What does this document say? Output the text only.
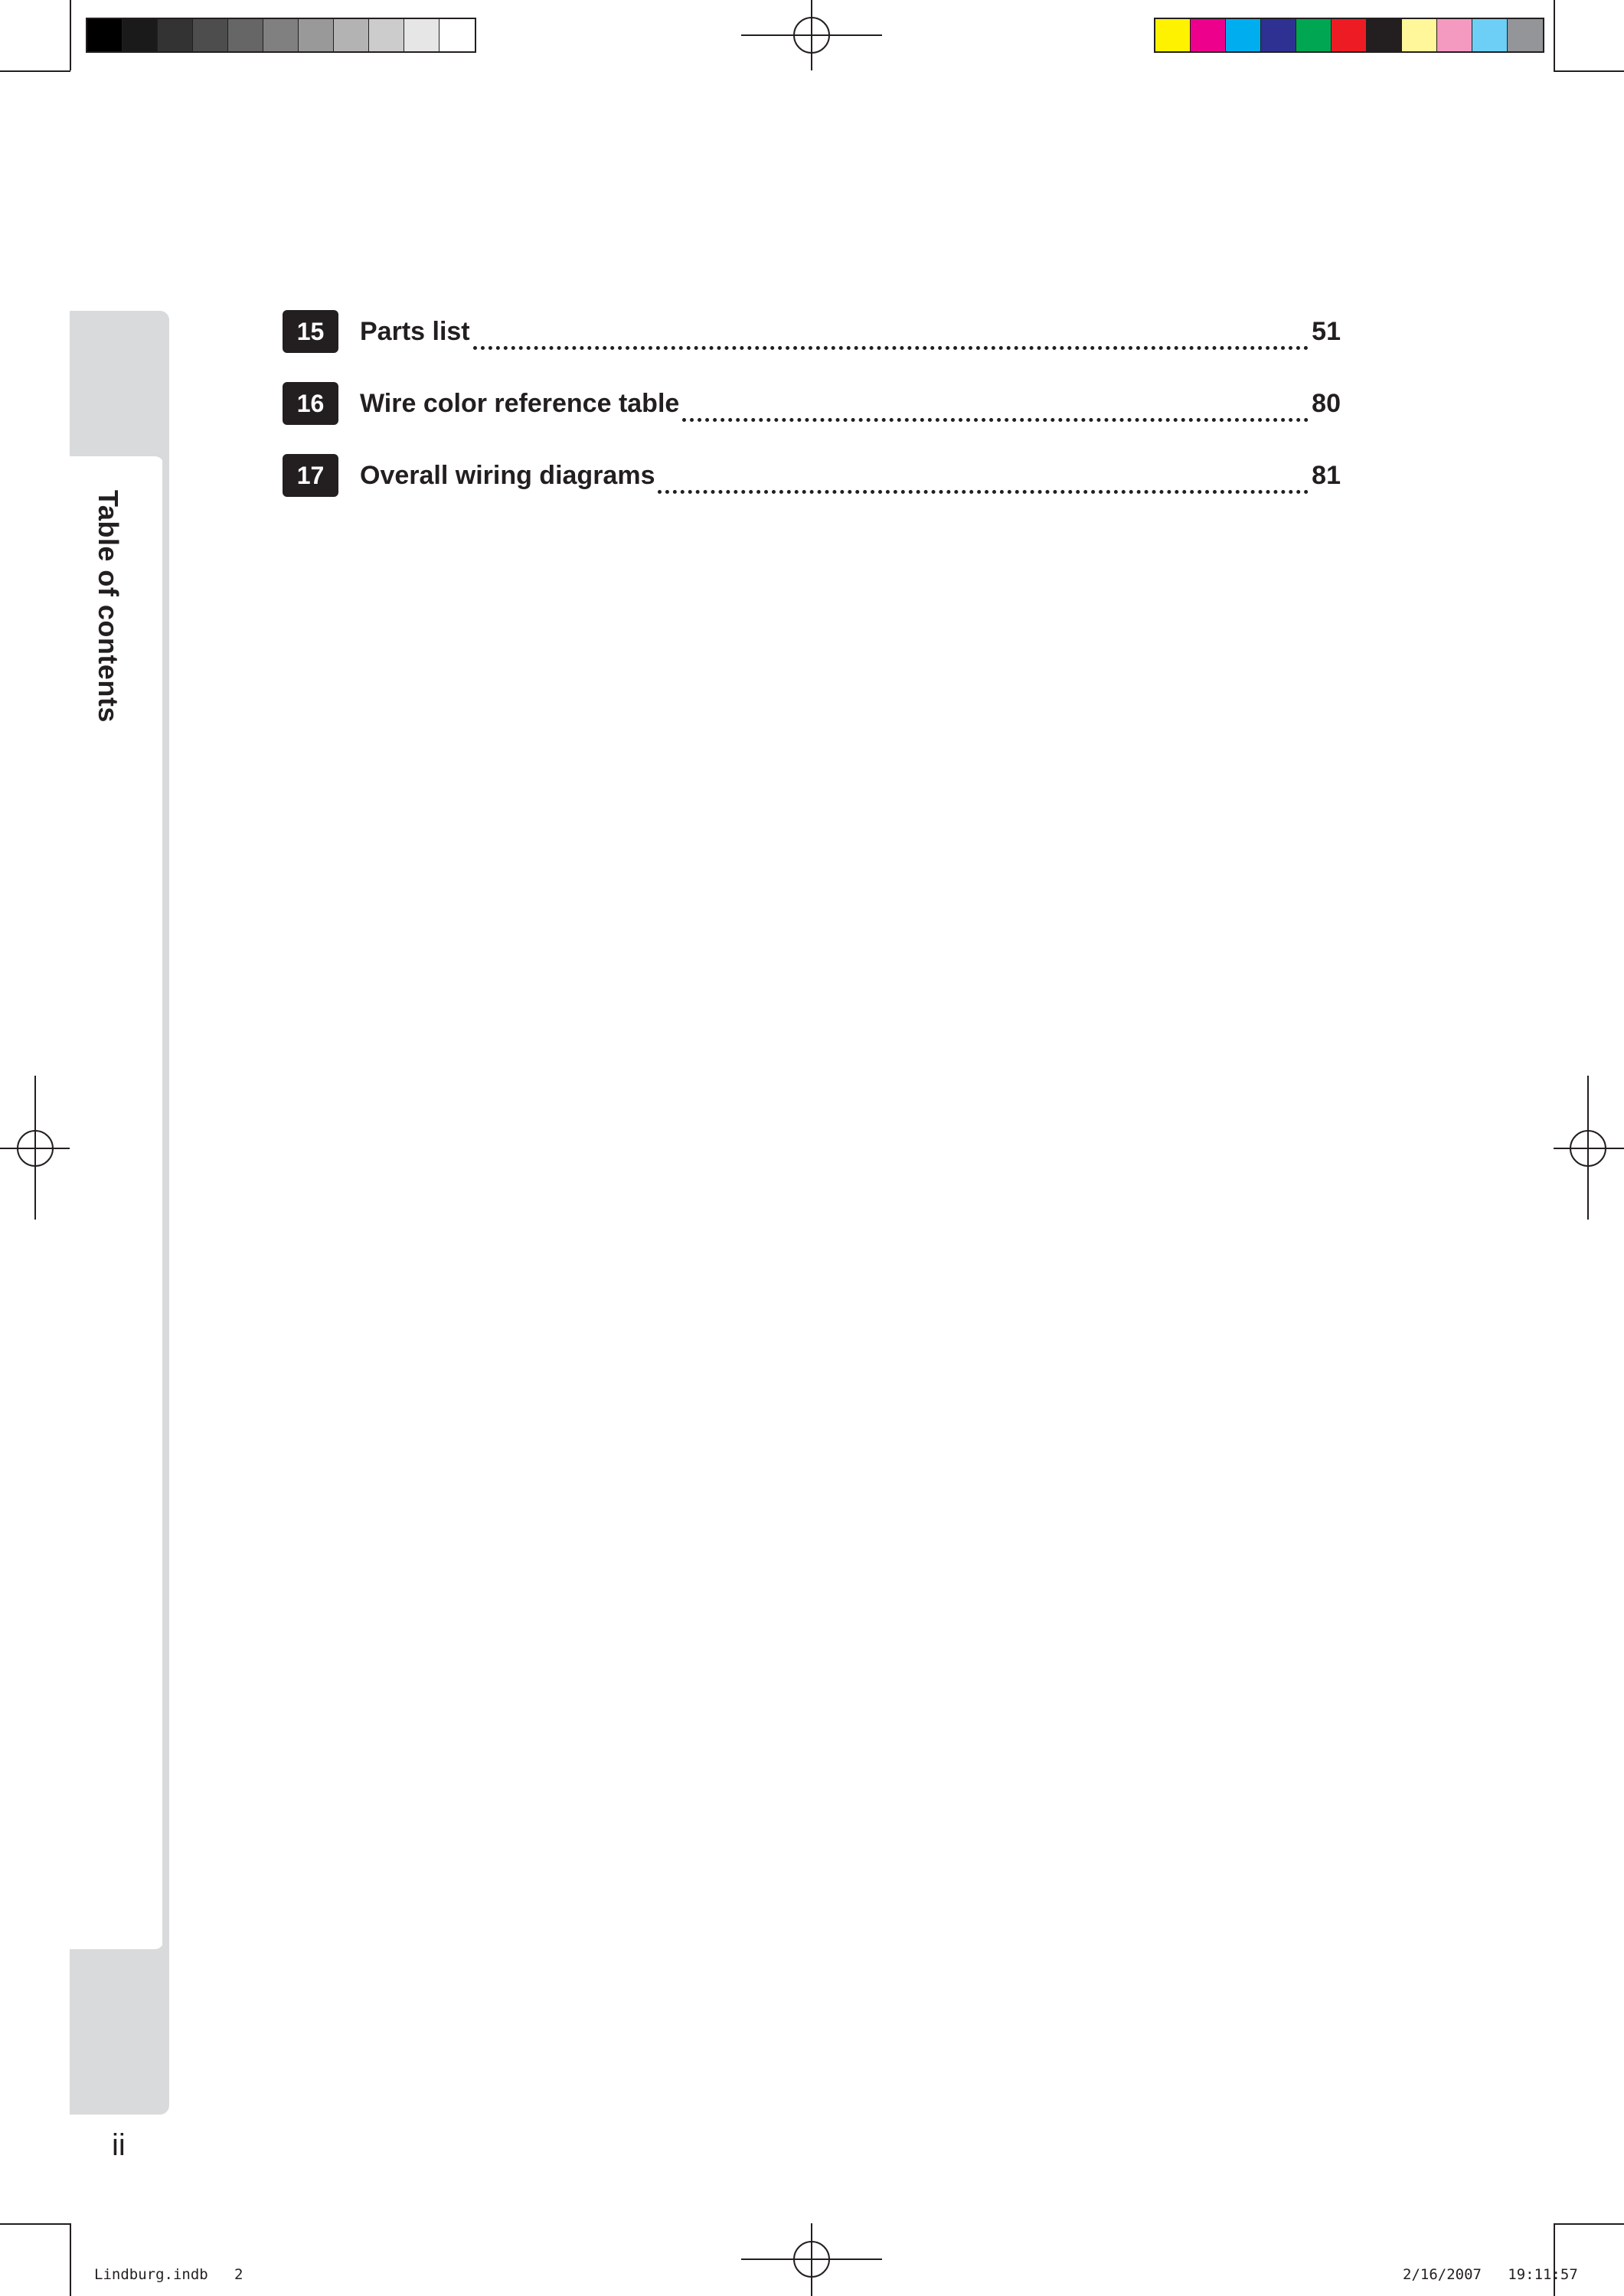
Table of contents
15	Parts list	51
16	Wire color reference table	80
17	Overall wiring diagrams	81
ii
Lindburg.indb   2	2/16/2007   19:11:57
